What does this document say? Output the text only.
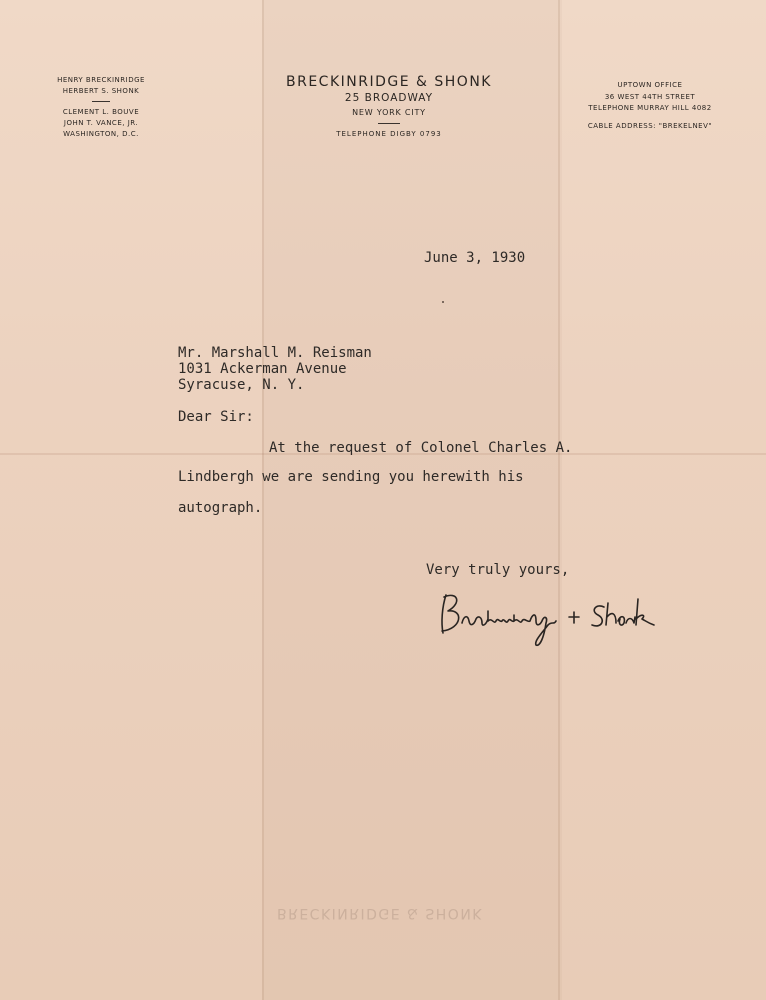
HENRY BRECKINRIDGE
HERBERT S. SHONK
CLEMENT L. BOUVE
JOHN T. VANCE, JR.
WASHINGTON, D.C.
BRECKINRIDGE & SHONK
25 BROADWAY
NEW YORK CITY
TELEPHONE DIGBY 0793
UPTOWN OFFICE
36 WEST 44TH STREET
TELEPHONE MURRAY HILL 4082
CABLE ADDRESS: "BREKELNEV"
June 3, 1930
Mr. Marshall M. Reisman
1031 Ackerman Avenue
Syracuse, N. Y.
Dear Sir:
At the request of Colonel Charles A.
Lindbergh we are sending you herewith his
autograph.
Very truly yours,
BRECKINRIDGE & SHONK
